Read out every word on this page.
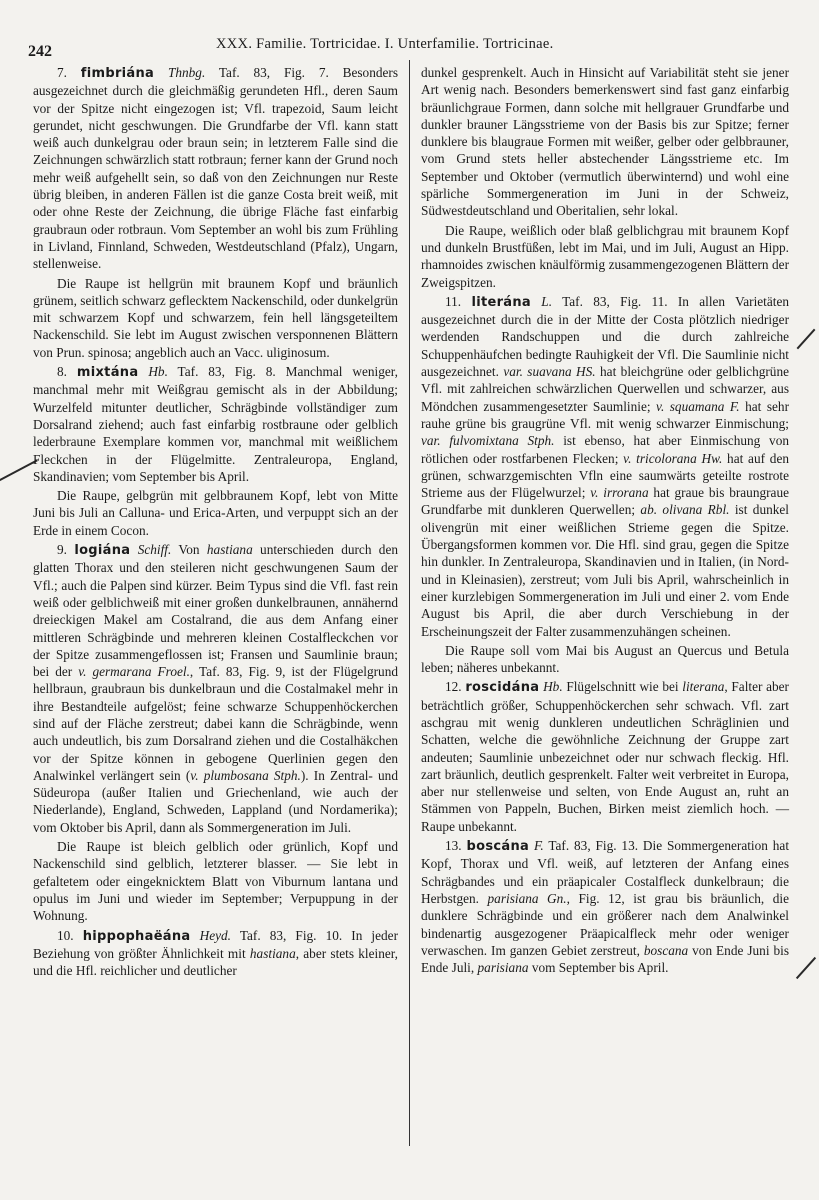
242	XXX. Familie. Tortricidae. I. Unterfamilie. Tortricinae.

7. fimbriána Thnbg. Taf. 83, Fig. 7. Besonders ausgezeichnet durch die gleichmäßig gerundeten Hfl., deren Saum vor der Spitze nicht eingezogen ist; Vfl. trapezoid, Saum leicht gerundet, nicht geschwungen. Die Grundfarbe der Vfl. kann statt weiß auch dunkelgrau oder braun sein; in letzterem Falle sind die Zeichnungen schwärzlich statt rotbraun; ferner kann der Grund noch mehr weiß aufgehellt sein, so daß von den Zeichnungen nur Reste übrig bleiben, in anderen Fällen ist die ganze Costa breit weiß, mit oder ohne Reste der Zeichnung, die übrige Fläche fast einfarbig graubraun oder rotbraun. Vom September an wohl bis zum Frühling in Livland, Finnland, Schweden, Westdeutschland (Pfalz), Ungarn, stellenweise.

Die Raupe ist hellgrün mit braunem Kopf und bräunlich grünem, seitlich schwarz geflecktem Nackenschild, oder dunkelgrün mit schwarzem Kopf und schwarzem, fein hell längsgeteiltem Nackenschild. Sie lebt im August zwischen versponnenen Blättern von Prun. spinosa; angeblich auch an Vacc. uliginosum.

8. mixtána Hb. Taf. 83, Fig. 8. Manchmal weniger, manchmal mehr mit Weißgrau gemischt als in der Abbildung; Wurzelfeld mitunter deutlicher, Schrägbinde vollständiger zum Dorsalrand ziehend; auch fast einfarbig rostbraune oder gelblich lederbraune Exemplare kommen vor, manchmal mit weißlichem Fleckchen in der Flügelmitte. Zentraleuropa, England, Skandinavien; vom September bis April.

Die Raupe, gelbgrün mit gelbbraunem Kopf, lebt von Mitte Juni bis Juli an Calluna- und Erica-Arten, und verpuppt sich an der Erde in einem Cocon.

9. logiána Schiff. Von hastiana unterschieden durch den glatten Thorax und den steileren nicht geschwungenen Saum der Vfl.; auch die Palpen sind kürzer. Beim Typus sind die Vfl. fast rein weiß oder gelblichweiß mit einer großen dunkelbraunen, annähernd dreieckigen Makel am Costalrand, die aus dem Anfang einer mittleren Schrägbinde und mehreren kleinen Costalfleckchen vor der Spitze zusammengeflossen ist; Fransen und Saumlinie braun; bei der v. germarana Froel., Taf. 83, Fig. 9, ist der Flügelgrund hellbraun, graubraun bis dunkelbraun und die Costalmakel mehr in ihre Bestandteile aufgelöst; feine schwarze Schuppenhöckerchen sind auf der Fläche zerstreut; dabei kann die Schrägbinde, wenn auch undeutlich, bis zum Dorsalrand ziehen und die Costalhäkchen vor der Spitze können in gebogene Querlinien gegen den Analwinkel verlängert sein (v. plumbosana Stph.). In Zentral- und Südeuropa (außer Italien und Griechenland, wie auch der Niederlande), England, Schweden, Lappland (und Nordamerika); vom Oktober bis April, dann als Sommergeneration im Juli.

Die Raupe ist bleich gelblich oder grünlich, Kopf und Nackenschild sind gelblich, letzterer blasser. — Sie lebt in gefaltetem oder eingeknicktem Blatt von Viburnum lantana und opulus im Juni und wieder im September; Verpuppung in der Wohnung.

10. hippophaëána Heyd. Taf. 83, Fig. 10. In jeder Beziehung von größter Ähnlichkeit mit hastiana, aber stets kleiner, und die Hfl. reichlicher und deutlicher

dunkel gesprenkelt. Auch in Hinsicht auf Variabilität steht sie jener Art wenig nach. Besonders bemerkenswert sind fast ganz einfarbig bräunlichgraue Formen, dann solche mit hellgrauer Grundfarbe und dunkler brauner Längsstrieme von der Basis bis zur Spitze; ferner dunklere bis blaugraue Formen mit weißer, gelber oder gelbbrauner, vom Grund stets heller abstechender Längsstrieme etc. Im September und Oktober (vermutlich überwinternd) und wohl eine spärliche Sommergeneration im Juni in der Schweiz, Südwestdeutschland und Oberitalien, sehr lokal.

Die Raupe, weißlich oder blaß gelblichgrau mit braunem Kopf und dunkeln Brustfüßen, lebt im Mai, und im Juli, August an Hipp. rhamnoides zwischen knäulförmig zusammengezogenen Blättern der Zweigspitzen.

11. literána L. Taf. 83, Fig. 11. In allen Varietäten ausgezeichnet durch die in der Mitte der Costa plötzlich niedriger werdenden Randschuppen und die durch zahlreiche Schuppenhäufchen bedingte Rauhigkeit der Vfl. Die Saumlinie nicht ausgezeichnet. var. suavana HS. hat bleichgrüne oder gelblichgrüne Vfl. mit zahlreichen schwärzlichen Querwellen und schwarzer, aus Möndchen zusammengesetzter Saumlinie; v. squamana F. hat sehr rauhe grüne bis graugrüne Vfl. mit wenig schwarzer Einmischung; var. fulvomixtana Stph. ist ebenso, hat aber Einmischung von rötlichen oder rostfarbenen Flecken; v. tricolorana Hw. hat auf den grünen, schwarzgemischten Vfln eine saumwärts geteilte rostrote Strieme aus der Flügelwurzel; v. irrorana hat graue bis braungraue Grundfarbe mit dunkleren Querwellen; ab. olivana Rbl. ist dunkel olivengrün mit einer weißlichen Strieme gegen die Spitze. Übergangsformen kommen vor. Die Hfl. sind grau, gegen die Spitze hin dunkler. In Zentraleuropa, Skandinavien und in Italien, (in Nord- und in Kleinasien), zerstreut; vom Juli bis April, wahrscheinlich in einer kurzlebigen Sommergeneration im Juli und einer 2. vom Ende August bis April, die aber durch Verschiebung in der Erscheinungszeit der Falter zusammenzuhängen scheinen.

Die Raupe soll vom Mai bis August an Quercus und Betula leben; näheres unbekannt.

12. roscidána Hb. Flügelschnitt wie bei literana, Falter aber beträchtlich größer, Schuppenhöckerchen sehr schwach. Vfl. zart aschgrau mit wenig dunkleren undeutlichen Schräglinien und Schatten, welche die gewöhnliche Zeichnung der Gruppe zart andeuten; Saumlinie unbezeichnet oder nur schwach fleckig. Hfl. zart bräunlich, deutlich gesprenkelt. Falter weit verbreitet in Europa, aber nur stellenweise und selten, von Ende August an, ruht an Stämmen von Pappeln, Buchen, Birken meist ziemlich hoch. — Raupe unbekannt.

13. boscána F. Taf. 83, Fig. 13. Die Sommergeneration hat Kopf, Thorax und Vfl. weiß, auf letzteren der Anfang eines Schrägbandes und ein präapicaler Costalfleck dunkelbraun; die Herbstgen. parisiana Gn., Fig. 12, ist grau bis bräunlich, die dunklere Schrägbinde und ein größerer nach dem Analwinkel bindenartig ausgezogener Präapicalfleck mehr oder weniger verwaschen. Im ganzen Gebiet zerstreut, boscana von Ende Juni bis Ende Juli, parisiana vom September bis April.
